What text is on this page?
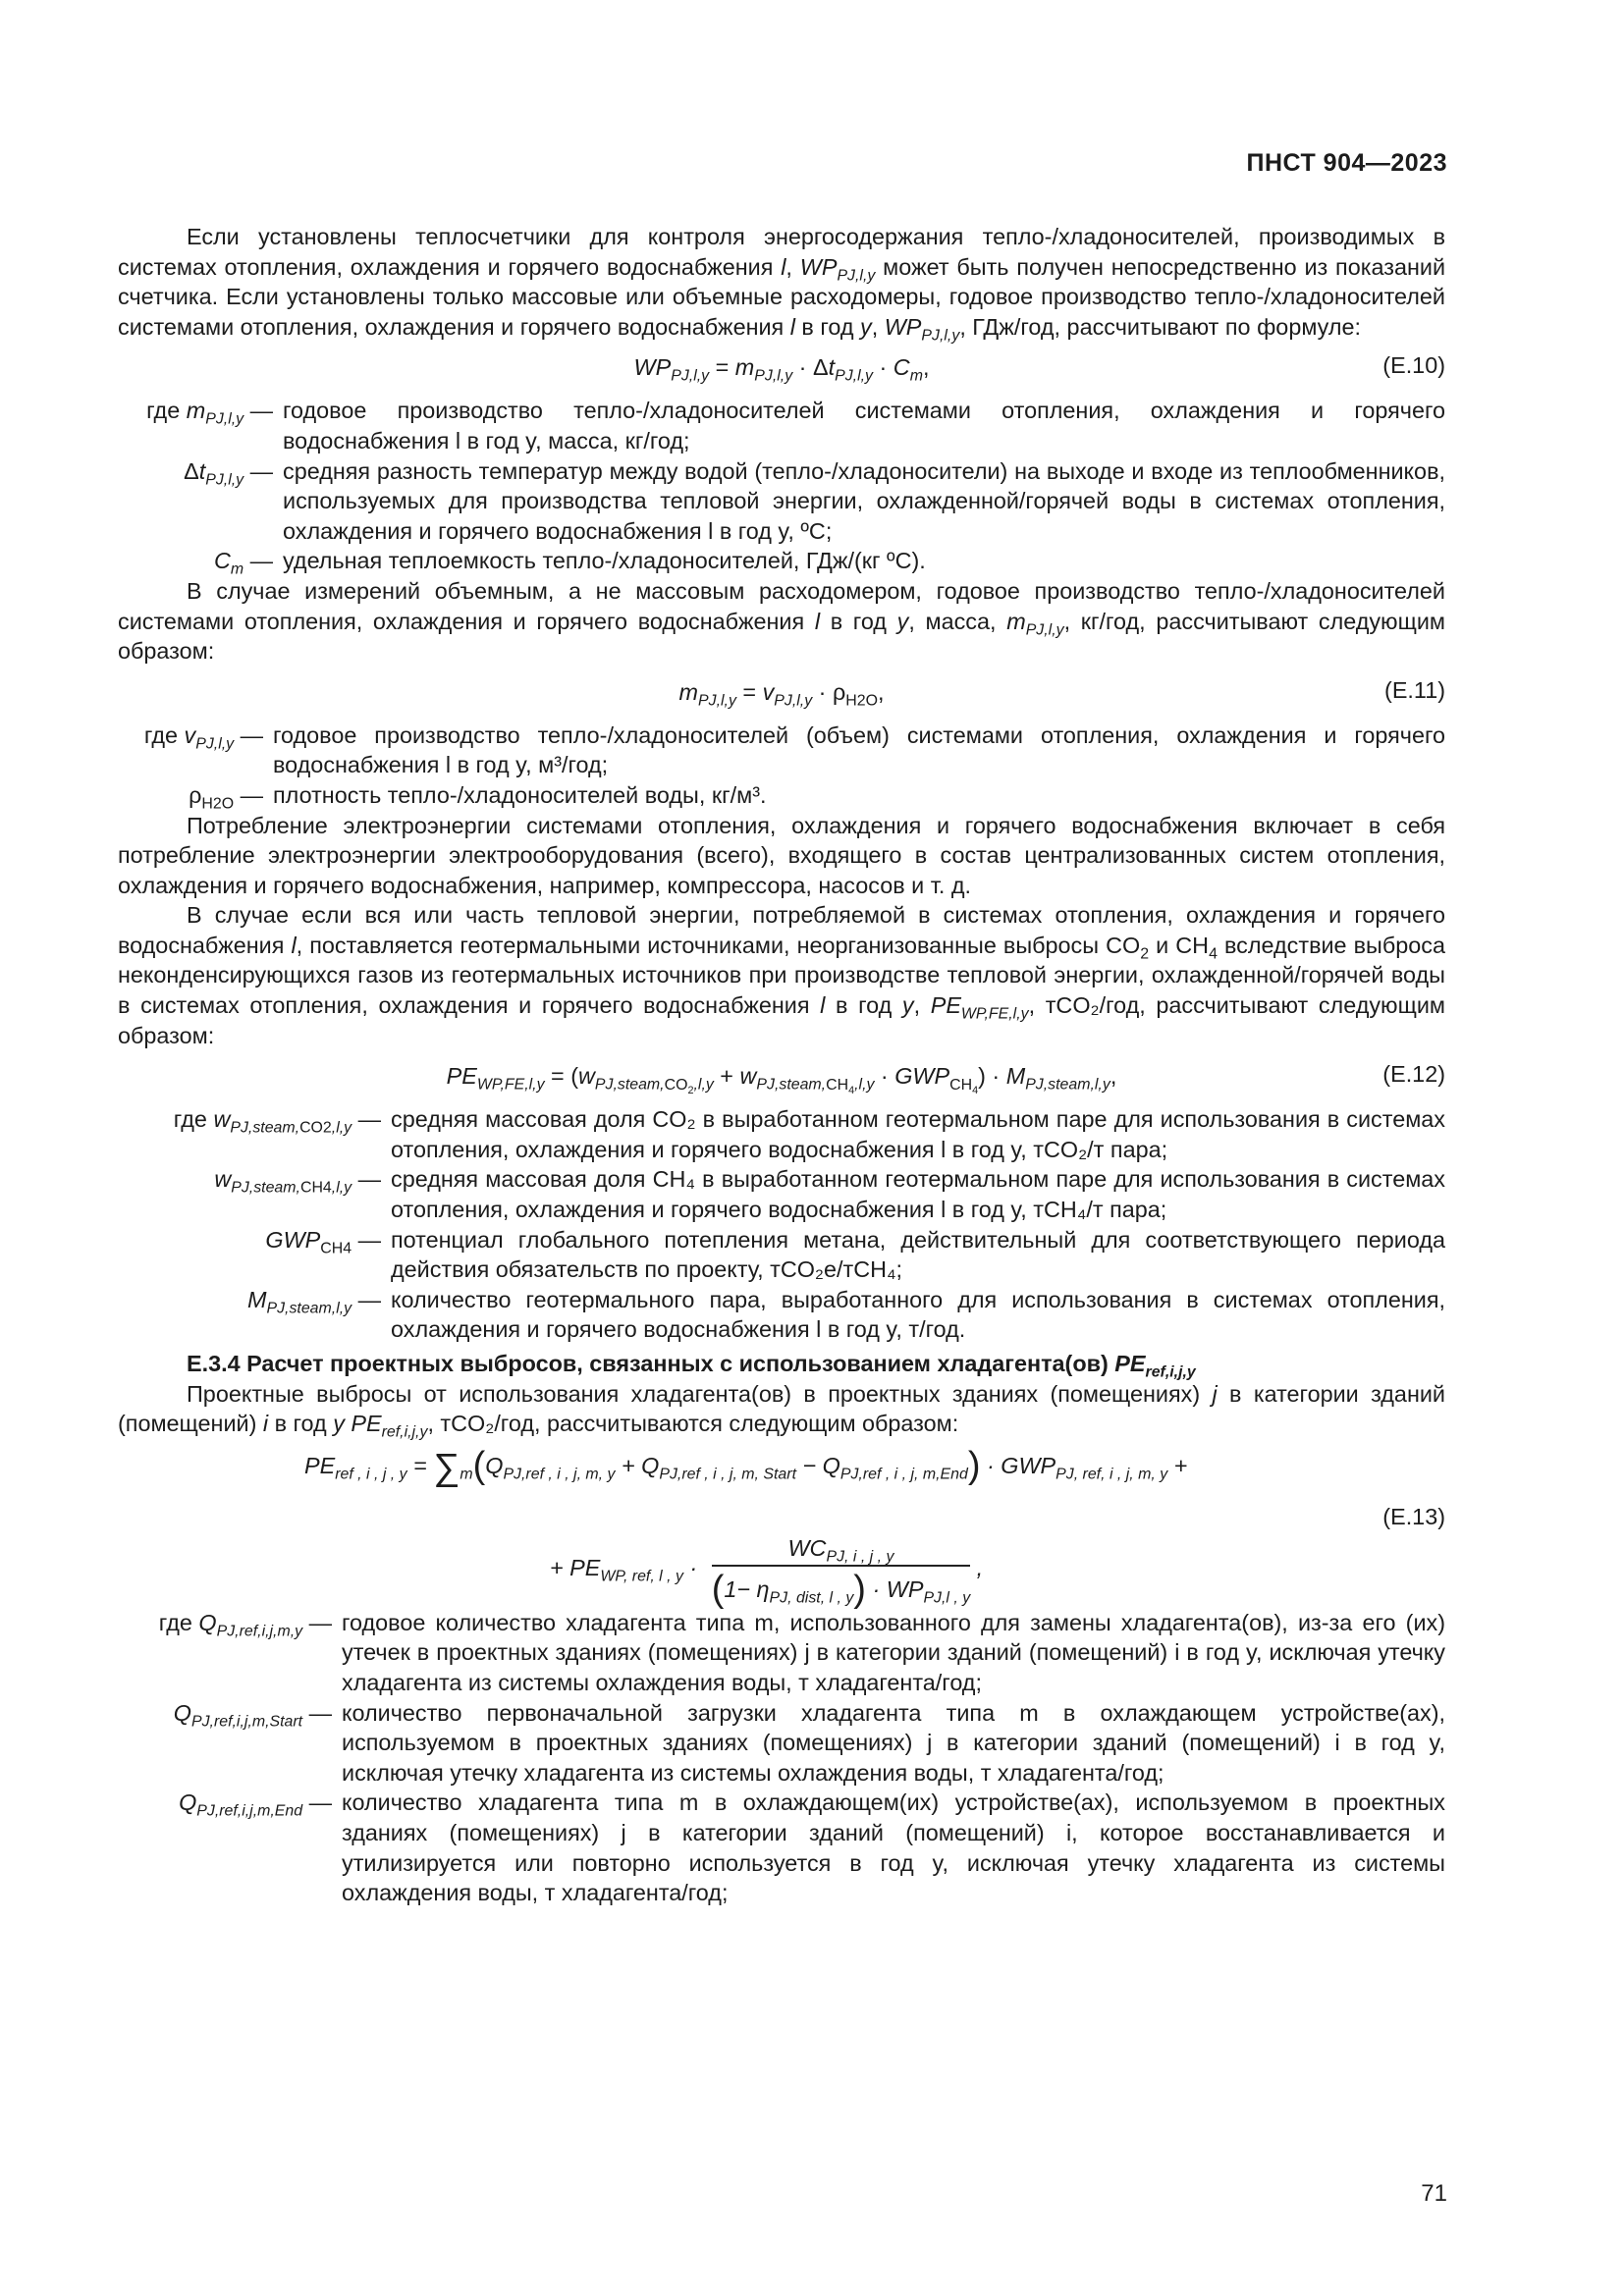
ПНСТ 904—2023

Если установлены теплосчетчики для контроля энергосодержания тепло-/хладоносителей, производимых в системах отопления, охлаждения и горячего водоснабжения l, $WP_{PJ,l,y}$ может быть получен непосредственно из показаний счетчика. Если установлены только массовые или объемные расходомеры, годовое производство тепло-/хладоносителей системами отопления, охлаждения и горячего водоснабжения l в год y, $WP_{PJ,l,y}$, ГДж/год, рассчитывают по формуле:

$WP_{PJ,l,y} = m_{PJ,l,y} \cdot \Delta t_{PJ,l,y} \cdot C_m$,	(Е.10)
где $m_{PJ,l,y}$ — годовое производство тепло-/хладоносителей системами отопления, охлаждения и горячего водоснабжения l в год y, масса, кг/год;
$\Delta t_{PJ,l,y}$ — средняя разность температур между водой (тепло-/хладоносители) на выходе и входе из теплообменников, используемых для производства тепловой энергии, охлажденной/горячей воды в системах отопления, охлаждения и горячего водоснабжения l в год y, ºС;
$C_m$ — удельная теплоемкость тепло-/хладоносителей, ГДж/(кг ºС).

В случае измерений объемным, а не массовым расходомером, годовое производство тепло-/хладоносителей системами отопления, охлаждения и горячего водоснабжения l в год y, масса, $m_{PJ,l,y}$, кг/год, рассчитывают следующим образом:

$m_{PJ,l,y} = v_{PJ,l,y} \cdot \rho_{H2O}$,	(Е.11)
где $v_{PJ,l,y}$ — годовое производство тепло-/хладоносителей (объем) системами отопления, охлаждения и горячего водоснабжения l в год y, м³/год;
$\rho_{H2O}$ — плотность тепло-/хладоносителей воды, кг/м³.

Потребление электроэнергии системами отопления, охлаждения и горячего водоснабжения включает в себя потребление электроэнергии электрооборудования (всего), входящего в состав централизованных систем отопления, охлаждения и горячего водоснабжения, например, компрессора, насосов и т. д.

В случае если вся или часть тепловой энергии, потребляемой в системах отопления, охлаждения и горячего водоснабжения l, поставляется геотермальными источниками, неорганизованные выбросы $CO_2$ и $CH_4$ вследствие выброса неконденсирующихся газов из геотермальных источников при производстве тепловой энергии, охлажденной/горячей воды в системах отопления, охлаждения и горячего водоснабжения l в год y, $PE_{WP,FE,l,y}$, тCO₂/год, рассчитывают следующим образом:

$PE_{WP,FE,l,y} = (w_{PJ,steam,CO_2,l,y} + w_{PJ,steam,CH_4,l,y} \cdot GWP_{CH_4}) \cdot M_{PJ,steam,l,y}$,	(Е.12)
где $w_{PJ,steam,CO2,l,y}$ — средняя массовая доля CO₂ в выработанном геотермальном паре для использования в системах отопления, охлаждения и горячего водоснабжения l в год y, тCO₂/т пара;
$w_{PJ,steam,CH4,l,y}$ — средняя массовая доля CH₄ в выработанном геотермальном паре для использования в системах отопления, охлаждения и горячего водоснабжения l в год y, тCH₄/т пара;
$GWP_{CH4}$ — потенциал глобального потепления метана, действительный для соответствующего периода действия обязательств по проекту, тCO₂е/тCH₄;
$M_{PJ,steam,l,y}$ — количество геотермального пара, выработанного для использования в системах отопления, охлаждения и горячего водоснабжения l в год y, т/год.

Е.3.4 Расчет проектных выбросов, связанных с использованием хладагента(ов) $PE_{ref,i,j,y}$

Проектные выбросы от использования хладагента(ов) в проектных зданиях (помещениях) j в категории зданий (помещений) i в год y $PE_{ref,i,j,y}$, тCO₂/год, рассчитываются следующим образом:

$PE_{ref , i , j , y} = \sum_m(Q_{PJ,ref , i , j, m, y} + Q_{PJ,ref , i , j, m, Start} - Q_{PJ,ref , i , j, m,End}) \cdot GWP_{PJ, ref, i , j, m, y}$ +
+ $PE_{WP, ref, l , y} \cdot \frac{WC_{PJ, i , j , y}}{(1- \eta_{PJ, dist, l , y}) \cdot WP_{PJ,l , y}}$ ,
(Е.13)
где $Q_{PJ,ref,i,j,m,y}$ — годовое количество хладагента типа m, использованного для замены хладагента(ов), из-за его (их) утечек в проектных зданиях (помещениях) j в категории зданий (помещений) i в год y, исключая утечку хладагента из системы охлаждения воды, т хладагента/год;
$Q_{PJ,ref,i,j,m,Start}$ — количество первоначальной загрузки хладагента типа m в охлаждающем устройстве(ах), используемом в проектных зданиях (помещениях) j в категории зданий (помещений) i в год y, исключая утечку хладагента из системы охлаждения воды, т хладагента/год;
$Q_{PJ,ref,i,j,m,End}$ — количество хладагента типа m в охлаждающем(их) устройстве(ах), используемом в проектных зданиях (помещениях) j в категории зданий (помещений) i, которое восстанавливается и утилизируется или повторно используется в год y, исключая утечку хладагента из системы охлаждения воды, т хладагента/год;
71
